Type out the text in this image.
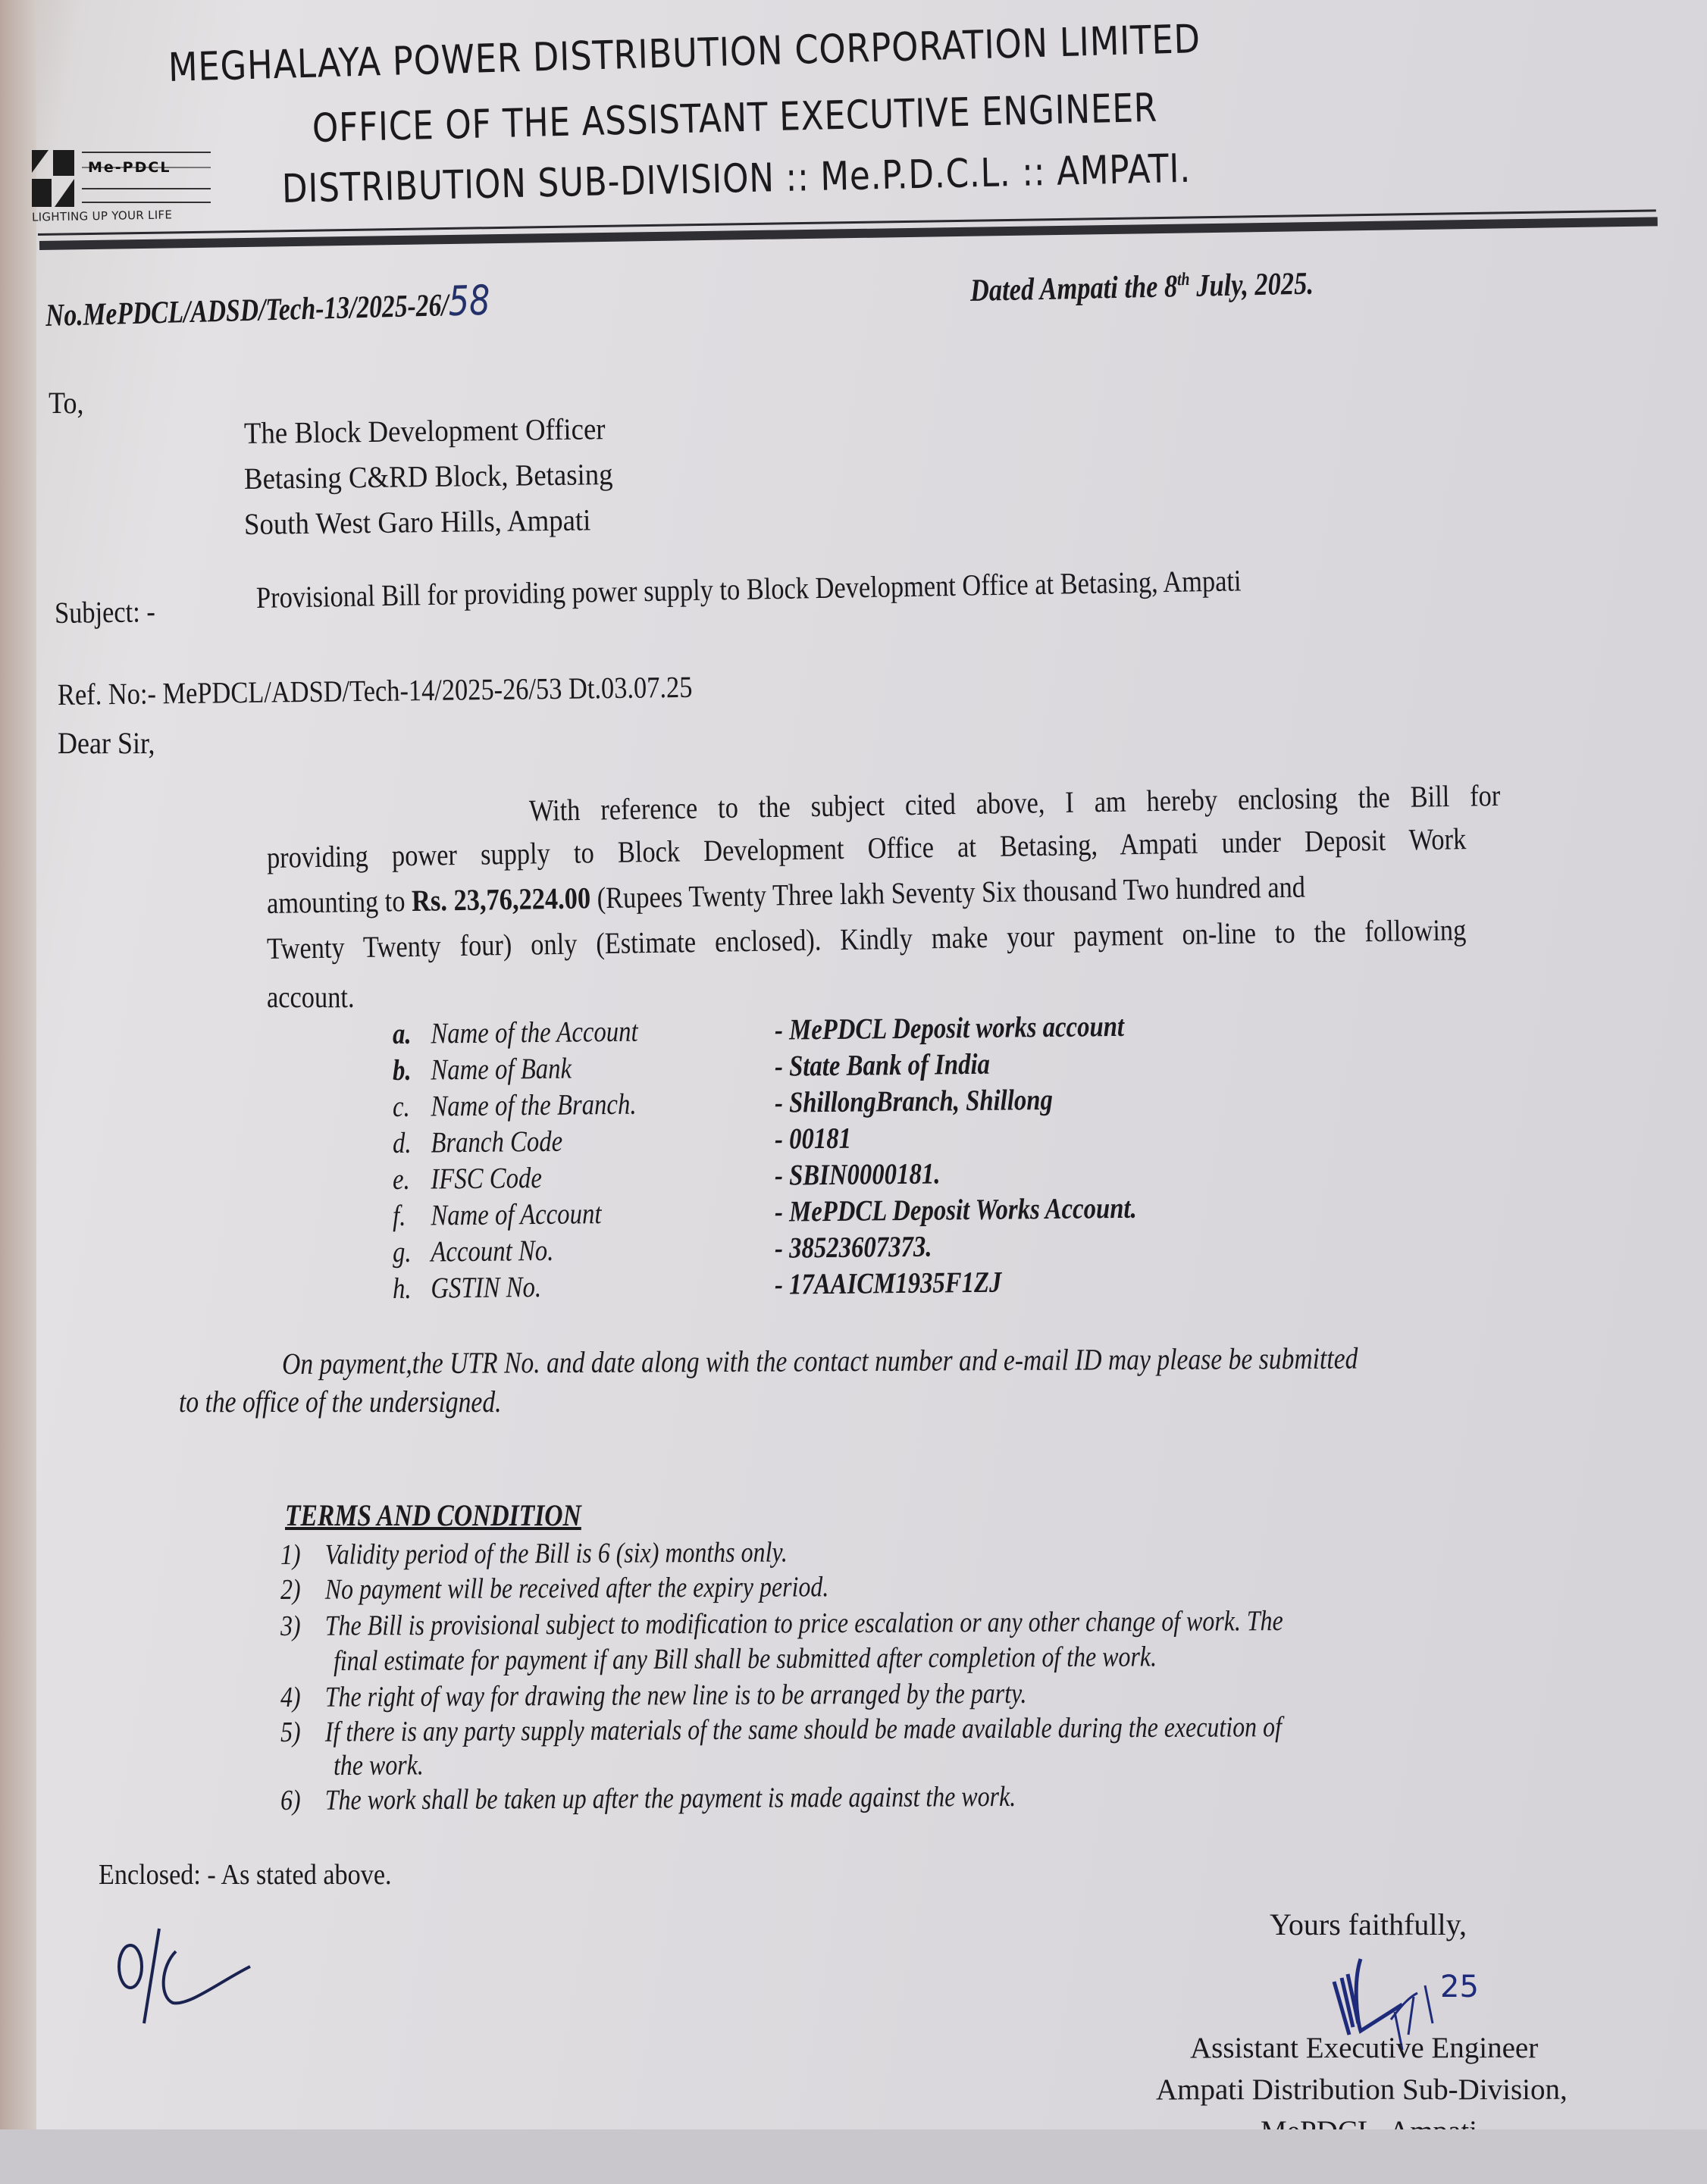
Me-PDCL
LIGHTING UP YOUR LIFE
MEGHALAYA POWER DISTRIBUTION CORPORATION LIMITED
OFFICE OF THE ASSISTANT EXECUTIVE ENGINEER
DISTRIBUTION SUB-DIVISION :: Me.P.D.C.L. :: AMPATI.
No.MePDCL/ADSD/Tech-13/2025-26/58	Dated Ampati the 8th July, 2025.
To,
The Block Development Officer
Betasing C&RD Block, Betasing
South West Garo Hills, Ampati
Subject: -	Provisional Bill for providing power supply to Block Development Office at Betasing, Ampati
Ref. No:- MePDCL/ADSD/Tech-14/2025-26/53 Dt.03.07.25
Dear Sir,
With reference to the subject cited above, I am hereby enclosing the Bill for
providing power supply to Block Development Office at Betasing, Ampati under Deposit Work
amounting to Rs. 23,76,224.00 (Rupees Twenty Three lakh Seventy Six thousand Two hundred and
Twenty Twenty four) only (Estimate enclosed). Kindly make your payment on-line to the following
account.
a. Name of the Account	- MePDCL Deposit works account
b. Name of Bank	- State Bank of India
c. Name of the Branch.	- ShillongBranch, Shillong
d. Branch Code	- 00181
e. IFSC Code	- SBIN0000181.
f. Name of Account	- MePDCL Deposit Works Account.
g. Account No.	- 38523607373.
h. GSTIN No.	- 17AAICM1935F1ZJ
On payment,the UTR No. and date along with the contact number and e-mail ID may please be submitted
to the office of the undersigned.
TERMS AND CONDITION
1) Validity period of the Bill is 6 (six) months only.
2) No payment will be received after the expiry period.
3) The Bill is provisional subject to modification to price escalation or any other change of work. The
final estimate for payment if any Bill shall be submitted after completion of the work.
4) The right of way for drawing the new line is to be arranged by the party.
5) If there is any party supply materials of the same should be made available during the execution of
the work.
6) The work shall be taken up after the payment is made against the work.
Enclosed: - As stated above.
Yours faithfully,
25
Assistant Executive Engineer
Ampati Distribution Sub-Division,
